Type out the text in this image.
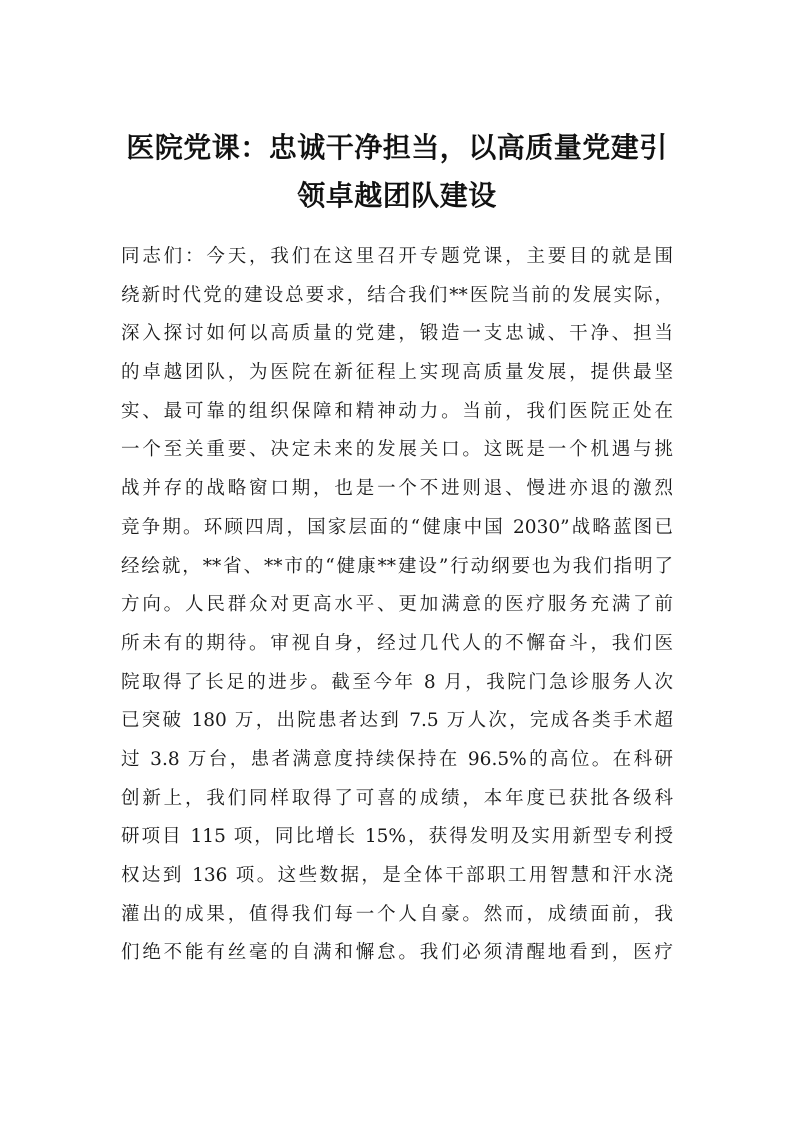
医院党课：忠诚干净担当，以高质量党建引
领卓越团队建设
同志们：今天，我们在这里召开专题党课，主要目的就是围
绕新时代党的建设总要求，结合我们**医院当前的发展实际，
深入探讨如何以高质量的党建，锻造一支忠诚、干净、担当
的卓越团队，为医院在新征程上实现高质量发展，提供最坚
实、最可靠的组织保障和精神动力。当前，我们医院正处在
一个至关重要、决定未来的发展关口。这既是一个机遇与挑
战并存的战略窗口期，也是一个不进则退、慢进亦退的激烈
竞争期。环顾四周，国家层面的“健康中国 2030”战略蓝图已
经绘就，**省、**市的“健康**建设”行动纲要也为我们指明了
方向。人民群众对更高水平、更加满意的医疗服务充满了前
所未有的期待。审视自身，经过几代人的不懈奋斗，我们医
院取得了长足的进步。截至今年 8 月，我院门急诊服务人次
已突破 180 万，出院患者达到 7.5 万人次，完成各类手术超
过 3.8 万台，患者满意度持续保持在 96.5%的高位。在科研
创新上，我们同样取得了可喜的成绩，本年度已获批各级科
研项目 115 项，同比增长 15%，获得发明及实用新型专利授
权达到 136 项。这些数据，是全体干部职工用智慧和汗水浇
灌出的成果，值得我们每一个人自豪。然而，成绩面前，我
们绝不能有丝毫的自满和懈怠。我们必须清醒地看到，医疗
